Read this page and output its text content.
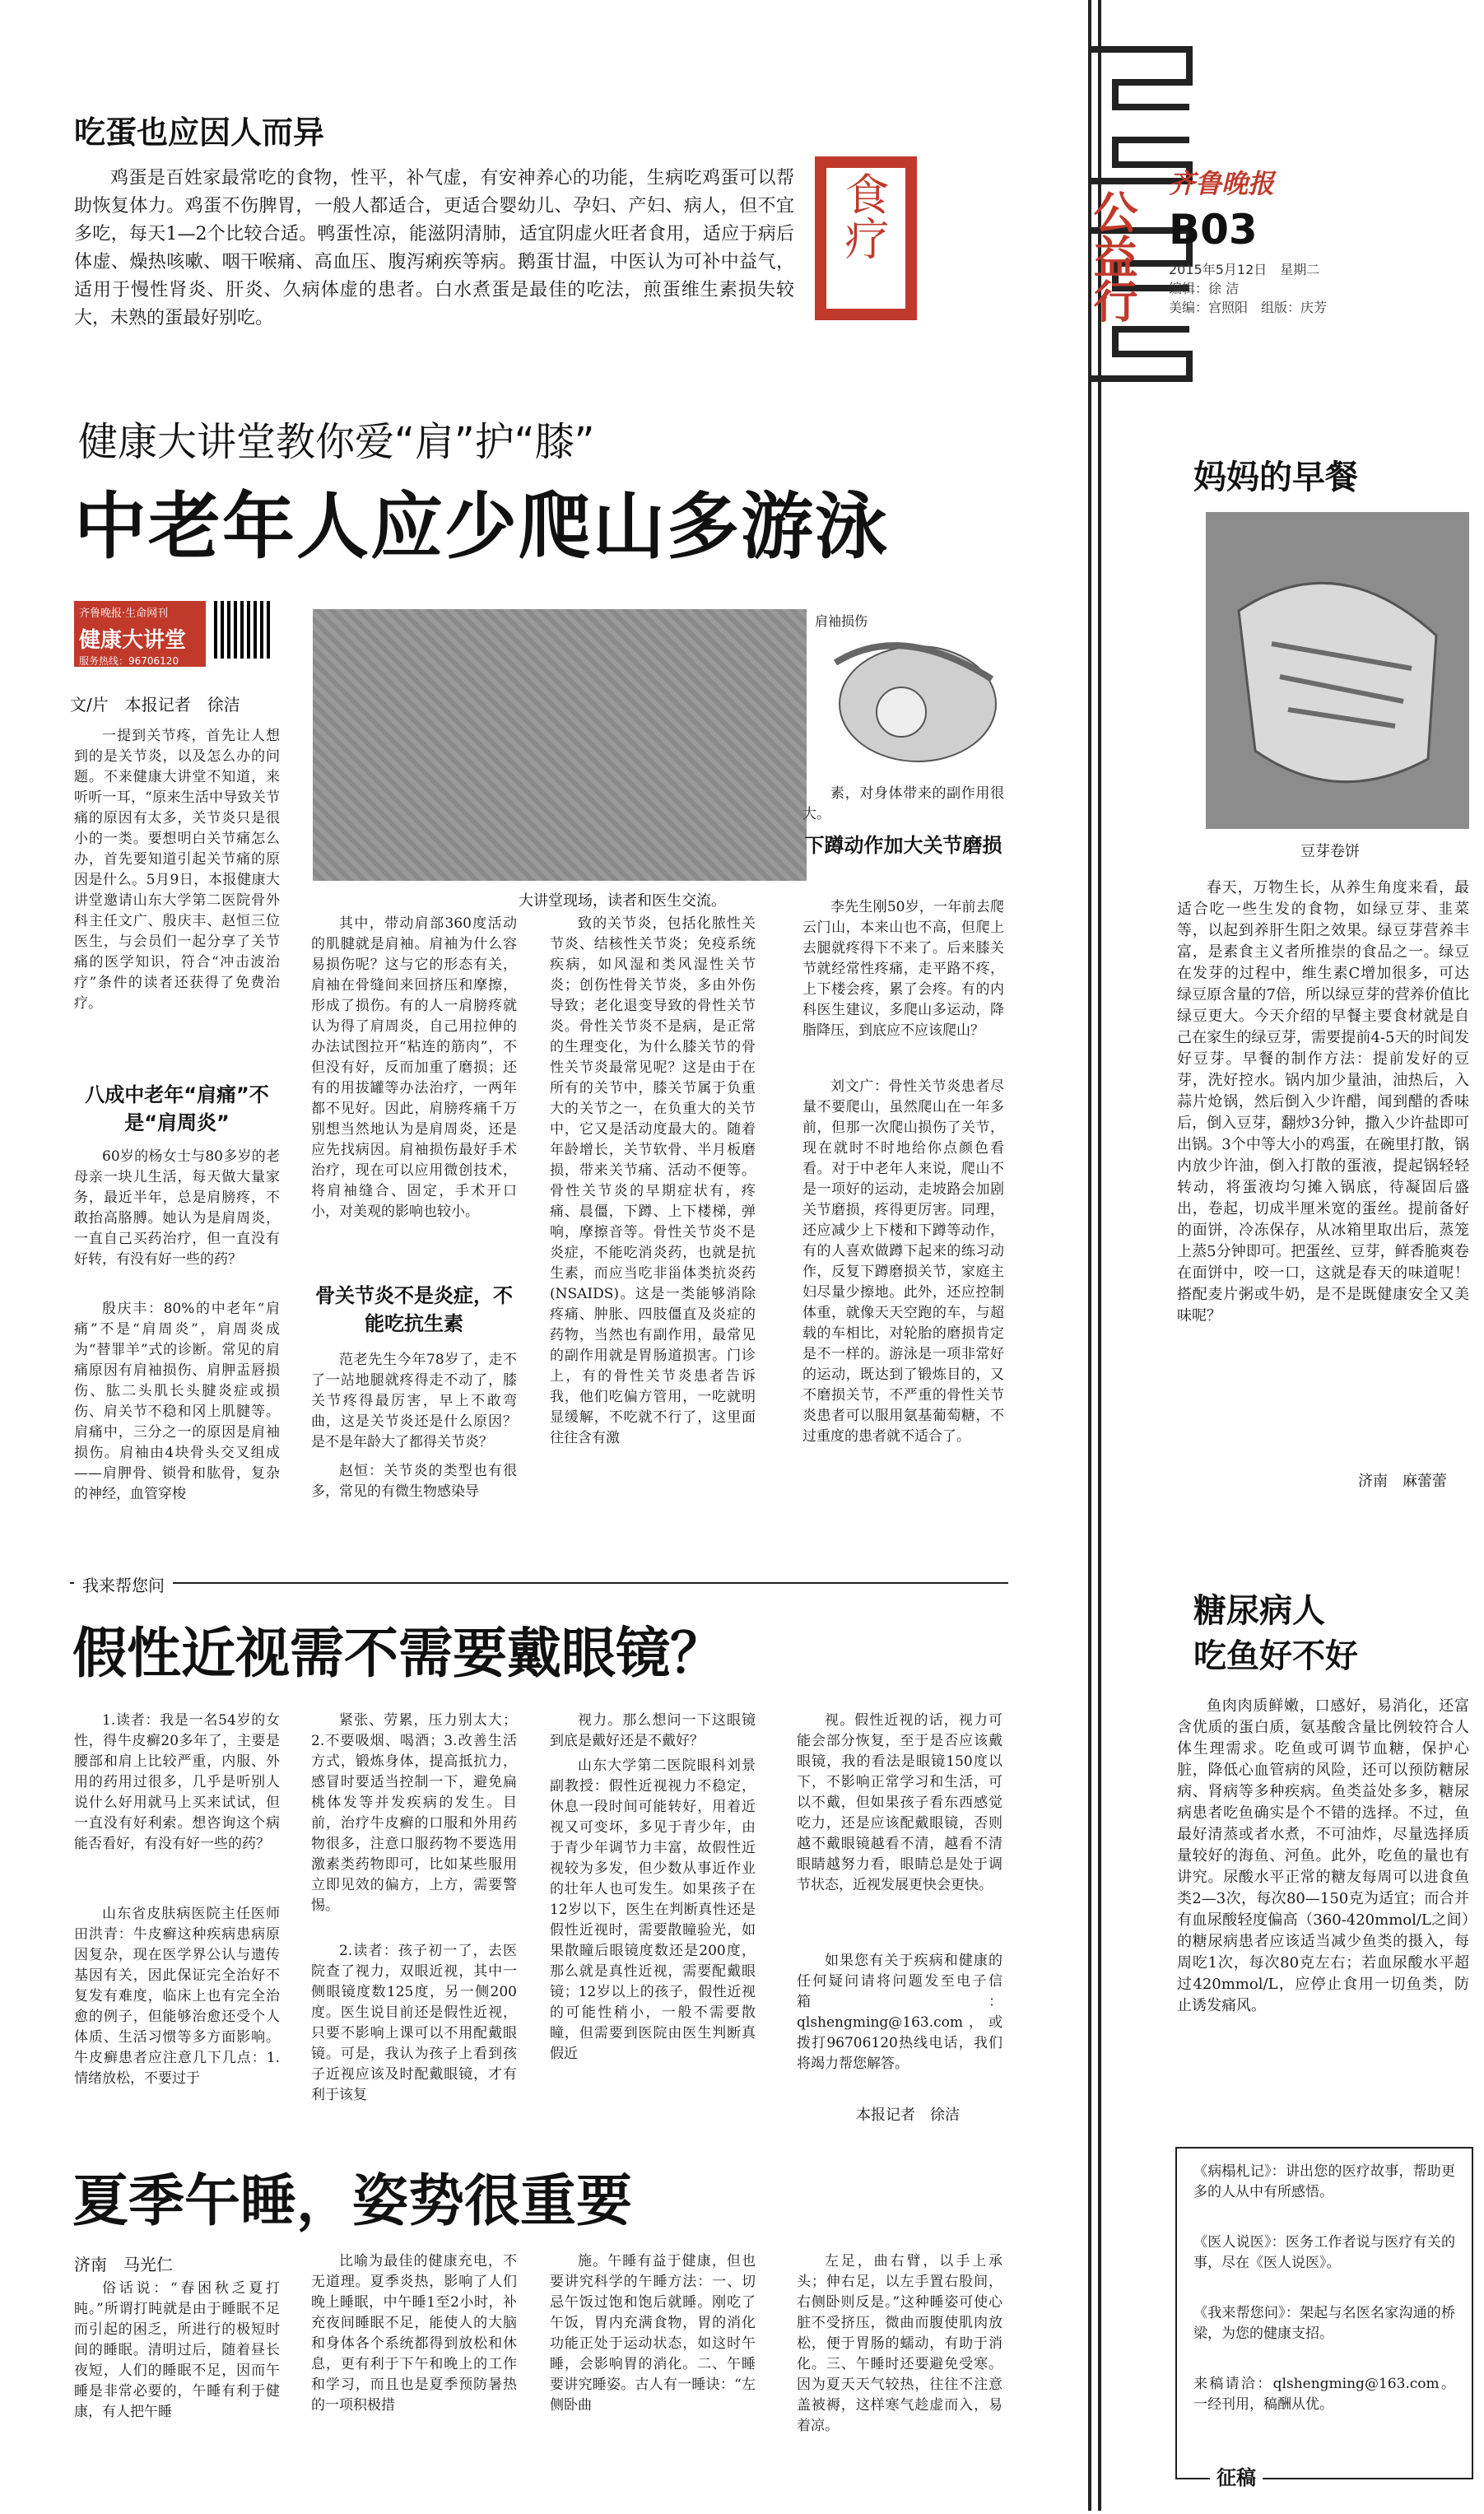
公益行
齐鲁晚报
B03
2015年5月12日　星期二
编辑：徐 洁
美编：宫照阳　组版：庆芳
吃蛋也应因人而异

鸡蛋是百姓家最常吃的食物，性平，补气虚，有安神养心的功能，生病吃鸡蛋可以帮助恢复体力。鸡蛋不伤脾胃，一般人都适合，更适合婴幼儿、孕妇、产妇、病人，但不宜多吃，每天1—2个比较合适。鸭蛋性凉，能滋阴清肺，适宜阴虚火旺者食用，适应于病后体虚、燥热咳嗽、咽干喉痛、高血压、腹泻痢疾等病。鹅蛋甘温，中医认为可补中益气，适用于慢性肾炎、肝炎、久病体虚的患者。白水煮蛋是最佳的吃法，煎蛋维生素损失较大，未熟的蛋最好别吃。

食疗
健康大讲堂教你爱“肩”护“膝”
中老年人应少爬山多游泳
齐鲁晚报·生命网刊
健康大讲堂
服务热线：96706120
文/片　本报记者　徐洁
大讲堂现场，读者和医生交流。
肩袖损伤

一提到关节疼，首先让人想到的是关节炎，以及怎么办的问题。不来健康大讲堂不知道，来听听一耳，“原来生活中导致关节痛的原因有太多，关节炎只是很小的一类。要想明白关节痛怎么办，首先要知道引起关节痛的原因是什么。5月9日，本报健康大讲堂邀请山东大学第二医院骨外科主任文广、殷庆丰、赵恒三位医生，与会员们一起分享了关节痛的医学知识，符合“冲击波治疗”条件的读者还获得了免费治疗。

八成中老年“肩痛”不是“肩周炎”

60岁的杨女士与80多岁的老母亲一块儿生活，每天做大量家务，最近半年，总是肩膀疼，不敢抬高胳膊。她认为是肩周炎，一直自己买药治疗，但一直没有好转，有没有好一些的药？

殷庆丰：80%的中老年“肩痛”不是“肩周炎”，肩周炎成为“替罪羊”式的诊断。常见的肩痛原因有肩袖损伤、肩胛盂唇损伤、肱二头肌长头腱炎症或损伤、肩关节不稳和冈上肌腱等。肩痛中，三分之一的原因是肩袖损伤。肩袖由4块骨头交叉组成——肩胛骨、锁骨和肱骨，复杂的神经，血管穿梭

其中，带动肩部360度活动的肌腱就是肩袖。肩袖为什么容易损伤呢？这与它的形态有关，肩袖在骨缝间来回挤压和摩擦，形成了损伤。有的人一肩膀疼就认为得了肩周炎，自己用拉伸的办法试图拉开“粘连的筋肉”，不但没有好，反而加重了磨损；还有的用拔罐等办法治疗，一两年都不见好。因此，肩膀疼痛千万别想当然地认为是肩周炎，还是应先找病因。肩袖损伤最好手术治疗，现在可以应用微创技术，将肩袖缝合、固定，手术开口小，对美观的影响也较小。

骨关节炎不是炎症，不能吃抗生素

范老先生今年78岁了，走不了一站地腿就疼得走不动了，膝关节疼得最厉害，早上不敢弯曲，这是关节炎还是什么原因？是不是年龄大了都得关节炎？

赵恒：关节炎的类型也有很多，常见的有微生物感染导

致的关节炎，包括化脓性关节炎、结核性关节炎；免疫系统疾病，如风湿和类风湿性关节炎；创伤性骨关节炎，多由外伤导致；老化退变导致的骨性关节炎。骨性关节炎不是病，是正常的生理变化，为什么膝关节的骨性关节炎最常见呢？这是由于在所有的关节中，膝关节属于负重大的关节之一，在负重大的关节中，它又是活动度最大的。随着年龄增长，关节软骨、半月板磨损，带来关节痛、活动不便等。骨性关节炎的早期症状有，疼痛、晨僵，下蹲、上下楼梯，弹响，摩擦音等。骨性关节炎不是炎症，不能吃消炎药，也就是抗生素，而应当吃非甾体类抗炎药(NSAIDS)。这是一类能够消除疼痛、肿胀、四肢僵直及炎症的药物，当然也有副作用，最常见的副作用就是胃肠道损害。门诊上，有的骨性关节炎患者告诉我，他们吃偏方管用，一吃就明显缓解，不吃就不行了，这里面往往含有激

素，对身体带来的副作用很大。

下蹲动作加大关节磨损

李先生刚50岁，一年前去爬云门山，本来山也不高，但爬上去腿就疼得下不来了。后来膝关节就经常性疼痛，走平路不疼，上下楼会疼，累了会疼。有的内科医生建议，多爬山多运动，降脂降压，到底应不应该爬山？

刘文广：骨性关节炎患者尽量不要爬山，虽然爬山在一年多前，但那一次爬山损伤了关节，现在就时不时地给你点颜色看看。对于中老年人来说，爬山不是一项好的运动，走坡路会加剧关节磨损，疼得更厉害。同理，还应减少上下楼和下蹲等动作，有的人喜欢做蹲下起来的练习动作，反复下蹲磨损关节，家庭主妇尽量少擦地。此外，还应控制体重，就像天天空跑的车，与超载的车相比，对轮胎的磨损肯定是不一样的。游泳是一项非常好的运动，既达到了锻炼目的，又不磨损关节，不严重的骨性关节炎患者可以服用氨基葡萄糖，不过重度的患者就不适合了。

我来帮您问
假性近视需不需要戴眼镜？

1.读者：我是一名54岁的女性，得牛皮癣20多年了，主要是腰部和肩上比较严重，内服、外用的药用过很多，几乎是听别人说什么好用就马上买来试试，但一直没有好利索。想咨询这个病能否看好，有没有好一些的药？

山东省皮肤病医院主任医师田洪青：牛皮癣这种疾病患病原因复杂，现在医学界公认与遗传基因有关，因此保证完全治好不复发有难度，临床上也有完全治愈的例子，但能够治愈还受个人体质、生活习惯等多方面影响。牛皮癣患者应注意几下几点：1.情绪放松，不要过于

紧张、劳累，压力别太大；2.不要吸烟、喝酒；3.改善生活方式，锻炼身体，提高抵抗力，感冒时要适当控制一下，避免扁桃体发等并发疾病的发生。目前，治疗牛皮癣的口服和外用药物很多，注意口服药物不要选用激素类药物即可，比如某些服用立即见效的偏方，上方，需要警惕。

2.读者：孩子初一了，去医院查了视力，双眼近视，其中一侧眼镜度数125度，另一侧200度。医生说目前还是假性近视，只要不影响上课可以不用配戴眼镜。可是，我认为孩子上看到孩子近视应该及时配戴眼镜，才有利于该复

视力。那么想问一下这眼镜到底是戴好还是不戴好？

山东大学第二医院眼科刘景副教授：假性近视视力不稳定，休息一段时间可能转好，用着近视又可变坏，多见于青少年，由于青少年调节力丰富，故假性近视较为多发，但少数从事近作业的壮年人也可发生。如果孩子在12岁以下，医生在判断真性还是假性近视时，需要散瞳验光，如果散瞳后眼镜度数还是200度，那么就是真性近视，需要配戴眼镜；12岁以上的孩子，假性近视的可能性稍小，一般不需要散瞳，但需要到医院由医生判断真假近

视。假性近视的话，视力可能会部分恢复，至于是否应该戴眼镜，我的看法是眼镜150度以下，不影响正常学习和生活，可以不戴，但如果孩子看东西感觉吃力，还是应该配戴眼镜，否则越不戴眼镜越看不清，越看不清眼睛越努力看，眼睛总是处于调节状态，近视发展更快会更快。

如果您有关于疾病和健康的任何疑问请将问题发至电子信箱：qlshengming@163.com，或拨打96706120热线电话，我们将竭力帮您解答。

本报记者　徐洁
夏季午睡，姿势很重要
济南　马光仁

俗话说：“春困秋乏夏打盹。”所谓打盹就是由于睡眠不足而引起的困乏，所进行的极短时间的睡眠。清明过后，随着昼长夜短，人们的睡眠不足，因而午睡是非常必要的，午睡有利于健康，有人把午睡

比喻为最佳的健康充电，不无道理。夏季炎热，影响了人们晚上睡眠，中午睡1至2小时，补充夜间睡眠不足，能使人的大脑和身体各个系统都得到放松和休息，更有利于下午和晚上的工作和学习，而且也是夏季预防暑热的一项积极措

施。午睡有益于健康，但也要讲究科学的午睡方法：一、切忌午饭过饱和饱后就睡。刚吃了午饭，胃内充满食物，胃的消化功能正处于运动状态，如这时午睡，会影响胃的消化。二、午睡要讲究睡姿。古人有一睡诀：“左侧卧曲

左足，曲右臂，以手上承头；伸右足，以左手置右股间，右侧卧则反是。”这种睡姿可使心脏不受挤压，微曲而腹使肌肉放松，便于胃肠的蠕动，有助于消化。三、午睡时还要避免受寒。因为夏天天气较热，往往不注意盖被褥，这样寒气趁虚而入，易着凉。

妈妈的早餐
豆芽卷饼

春天，万物生长，从养生角度来看，最适合吃一些生发的食物，如绿豆芽、韭菜等，以起到养肝生阳之效果。绿豆芽营养丰富，是素食主义者所推崇的食品之一。绿豆在发芽的过程中，维生素C增加很多，可达绿豆原含量的7倍，所以绿豆芽的营养价值比绿豆更大。今天介绍的早餐主要食材就是自己在家生的绿豆芽，需要提前4-5天的时间发好豆芽。早餐的制作方法：提前发好的豆芽，洗好控水。锅内加少量油，油热后，入蒜片炝锅，然后倒入少许醋，闻到醋的香味后，倒入豆芽，翻炒3分钟，撒入少许盐即可出锅。3个中等大小的鸡蛋，在碗里打散，锅内放少许油，倒入打散的蛋液，提起锅轻轻转动，将蛋液均匀摊入锅底，待凝固后盛出，卷起，切成半厘米宽的蛋丝。提前备好的面饼，冷冻保存，从冰箱里取出后，蒸笼上蒸5分钟即可。把蛋丝、豆芽，鲜香脆爽卷在面饼中，咬一口，这就是春天的味道呢！搭配麦片粥或牛奶，是不是既健康安全又美味呢？

济南　麻蕾蕾
糖尿病人
吃鱼好不好

鱼肉肉质鲜嫩，口感好，易消化，还富含优质的蛋白质，氨基酸含量比例较符合人体生理需求。吃鱼或可调节血糖，保护心脏，降低心血管病的风险，还可以预防糖尿病、肾病等多种疾病。鱼类益处多多，糖尿病患者吃鱼确实是个不错的选择。不过，鱼最好清蒸或者水煮，不可油炸，尽量选择质量较好的海鱼、河鱼。此外，吃鱼的量也有讲究。尿酸水平正常的糖友每周可以进食鱼类2—3次，每次80—150克为适宜；而合并有血尿酸轻度偏高（360-420mmol/L之间）的糖尿病患者应该适当减少鱼类的摄入，每周吃1次，每次80克左右；若血尿酸水平超过420mmol/L，应停止食用一切鱼类，防止诱发痛风。

《病榻札记》：讲出您的医疗故事，帮助更多的人从中有所感悟。
《医人说医》：医务工作者说与医疗有关的事，尽在《医人说医》。
《我来帮您问》：架起与名医名家沟通的桥梁，为您的健康支招。
来稿请洽：qlshengming@163.com。一经刊用，稿酬从优。
征稿
